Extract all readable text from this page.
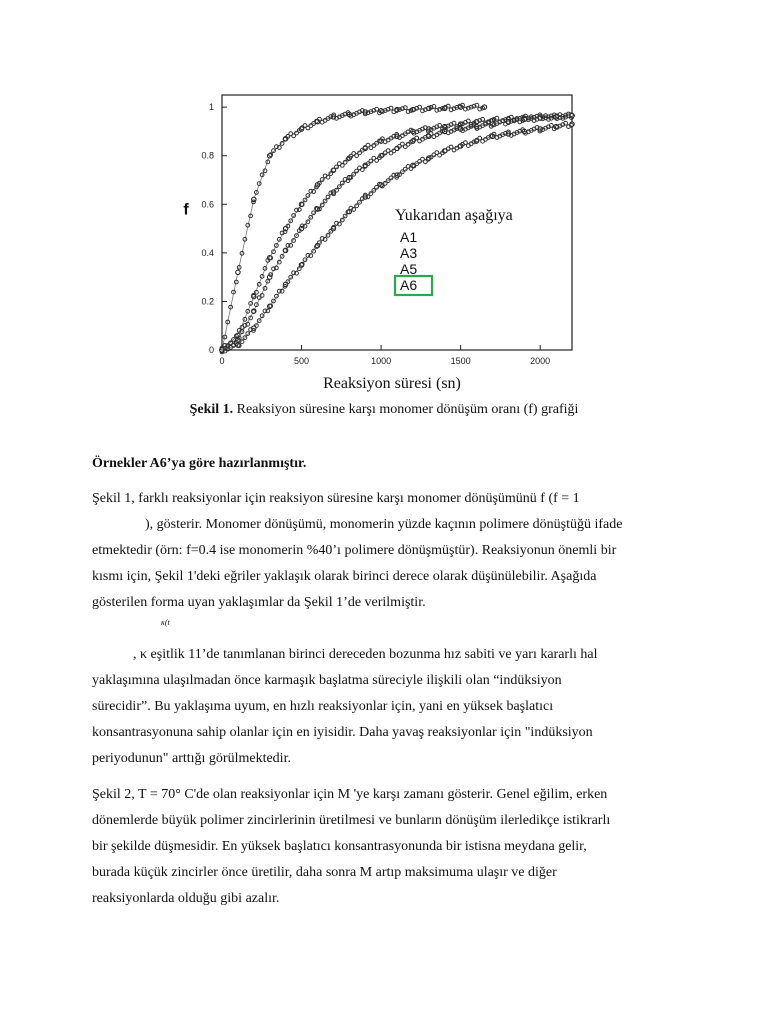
0	500	1000	1500	2000
0
0.2
0.4
0.6
0.8
1
f
Reaksiyon süresi (sn)
Yukarıdan aşağıya
A1
A3
A5
A6
Şekil 1. Reaksiyon süresine karşı monomer dönüşüm oranı (f) grafiği
Örnekler A6’ya göre hazırlanmıştır.
Şekil 1, farklı reaksiyonlar için reaksiyon süresine karşı monomer dönüşümünü f (f = 1
), gösterir. Monomer dönüşümü, monomerin yüzde kaçının polimere dönüştüğü ifade
etmektedir (örn: f=0.4 ise monomerin %40’ı polimere dönüşmüştür). Reaksiyonun önemli bir
kısmı için, Şekil 1'deki eğriler yaklaşık olarak birinci derece olarak düşünülebilir. Aşağıda
gösterilen forma uyan yaklaşımlar da Şekil 1’de verilmiştir.
κ(t
, κ eşitlik 11’de tanımlanan birinci dereceden bozunma hız sabiti ve yarı kararlı hal
yaklaşımına ulaşılmadan önce karmaşık başlatma süreciyle ilişkili olan “indüksiyon
sürecidir”. Bu yaklaşıma uyum, en hızlı reaksiyonlar için, yani en yüksek başlatıcı
konsantrasyonuna sahip olanlar için en iyisidir. Daha yavaş reaksiyonlar için "indüksiyon
periyodunun" arttığı görülmektedir.
Şekil 2, T = 70° C'de olan reaksiyonlar için M 'ye karşı zamanı gösterir. Genel eğilim, erken
dönemlerde büyük polimer zincirlerinin üretilmesi ve bunların dönüşüm ilerledikçe istikrarlı
bir şekilde düşmesidir. En yüksek başlatıcı konsantrasyonunda bir istisna meydana gelir,
burada küçük zincirler önce üretilir, daha sonra M artıp maksimuma ulaşır ve diğer
reaksiyonlarda olduğu gibi azalır.
